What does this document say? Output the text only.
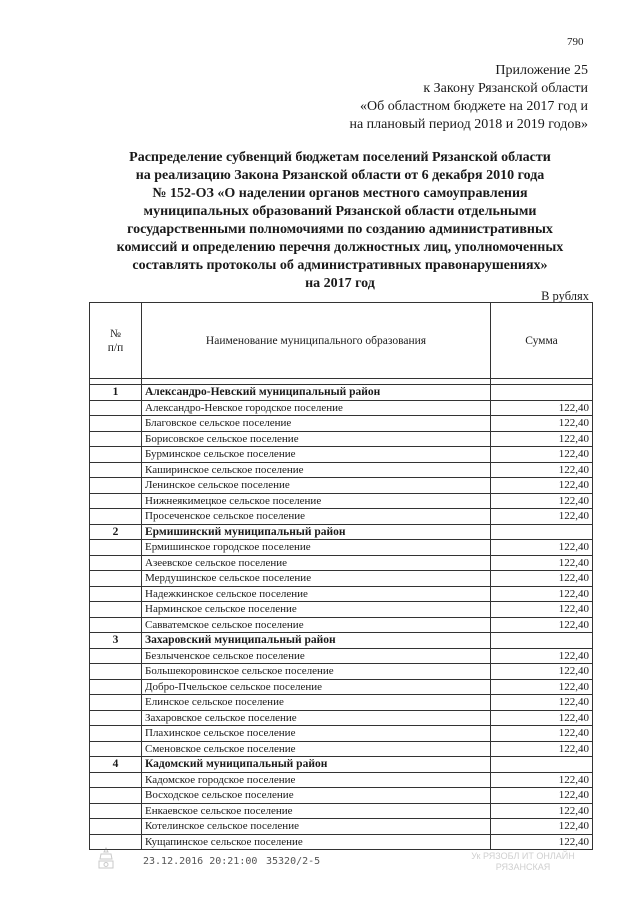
790
Приложение 25
к Закону Рязанской области
«Об областном бюджете на 2017 год и
на плановый период 2018 и 2019 годов»
Распределение субвенций бюджетам поселений Рязанской области
на реализацию Закона Рязанской области от 6 декабря 2010 года
№ 152-ОЗ «О наделении органов местного самоуправления
муниципальных образований Рязанской области отдельными
государственными полномочиями по созданию административных
комиссий и определению перечня должностных лиц, уполномоченных
составлять протоколы об административных правонарушениях»
на 2017 год
В рублях
№
п/п	Наименование муниципального образования	Сумма

1	Александро-Невский муниципальный район	
	Александро-Невское городское поселение	122,40
	Благовское сельское поселение	122,40
	Борисовское сельское поселение	122,40
	Бурминское сельское поселение	122,40
	Каширинское сельское поселение	122,40
	Ленинское сельское поселение	122,40
	Нижнеякимецкое сельское поселение	122,40
	Просеченское сельское поселение	122,40
2	Ермишинский муниципальный район	
	Ермишинское городское поселение	122,40
	Азеевское сельское поселение	122,40
	Мердушинское сельское поселение	122,40
	Надежкинское сельское поселение	122,40
	Нарминское сельское поселение	122,40
	Савватемское сельское поселение	122,40
3	Захаровский муниципальный район	
	Безлыченское сельское поселение	122,40
	Большекоровинское сельское поселение	122,40
	Добро-Пчельское сельское поселение	122,40
	Елинское сельское поселение	122,40
	Захаровское сельское поселение	122,40
	Плахинское сельское поселение	122,40
	Сменовское сельское поселение	122,40
4	Кадомский муниципальный район	
	Кадомское городское поселение	122,40
	Восходское сельское поселение	122,40
	Енкаевское сельское поселение	122,40
	Котелинское сельское поселение	122,40
	Кущапинское сельское поселение	122,40
23.12.2016 20:21:00 35320/2-5	Ук РЯЗОБЛ ИТ ОНЛАЙН
РЯЗАНСКАЯ
